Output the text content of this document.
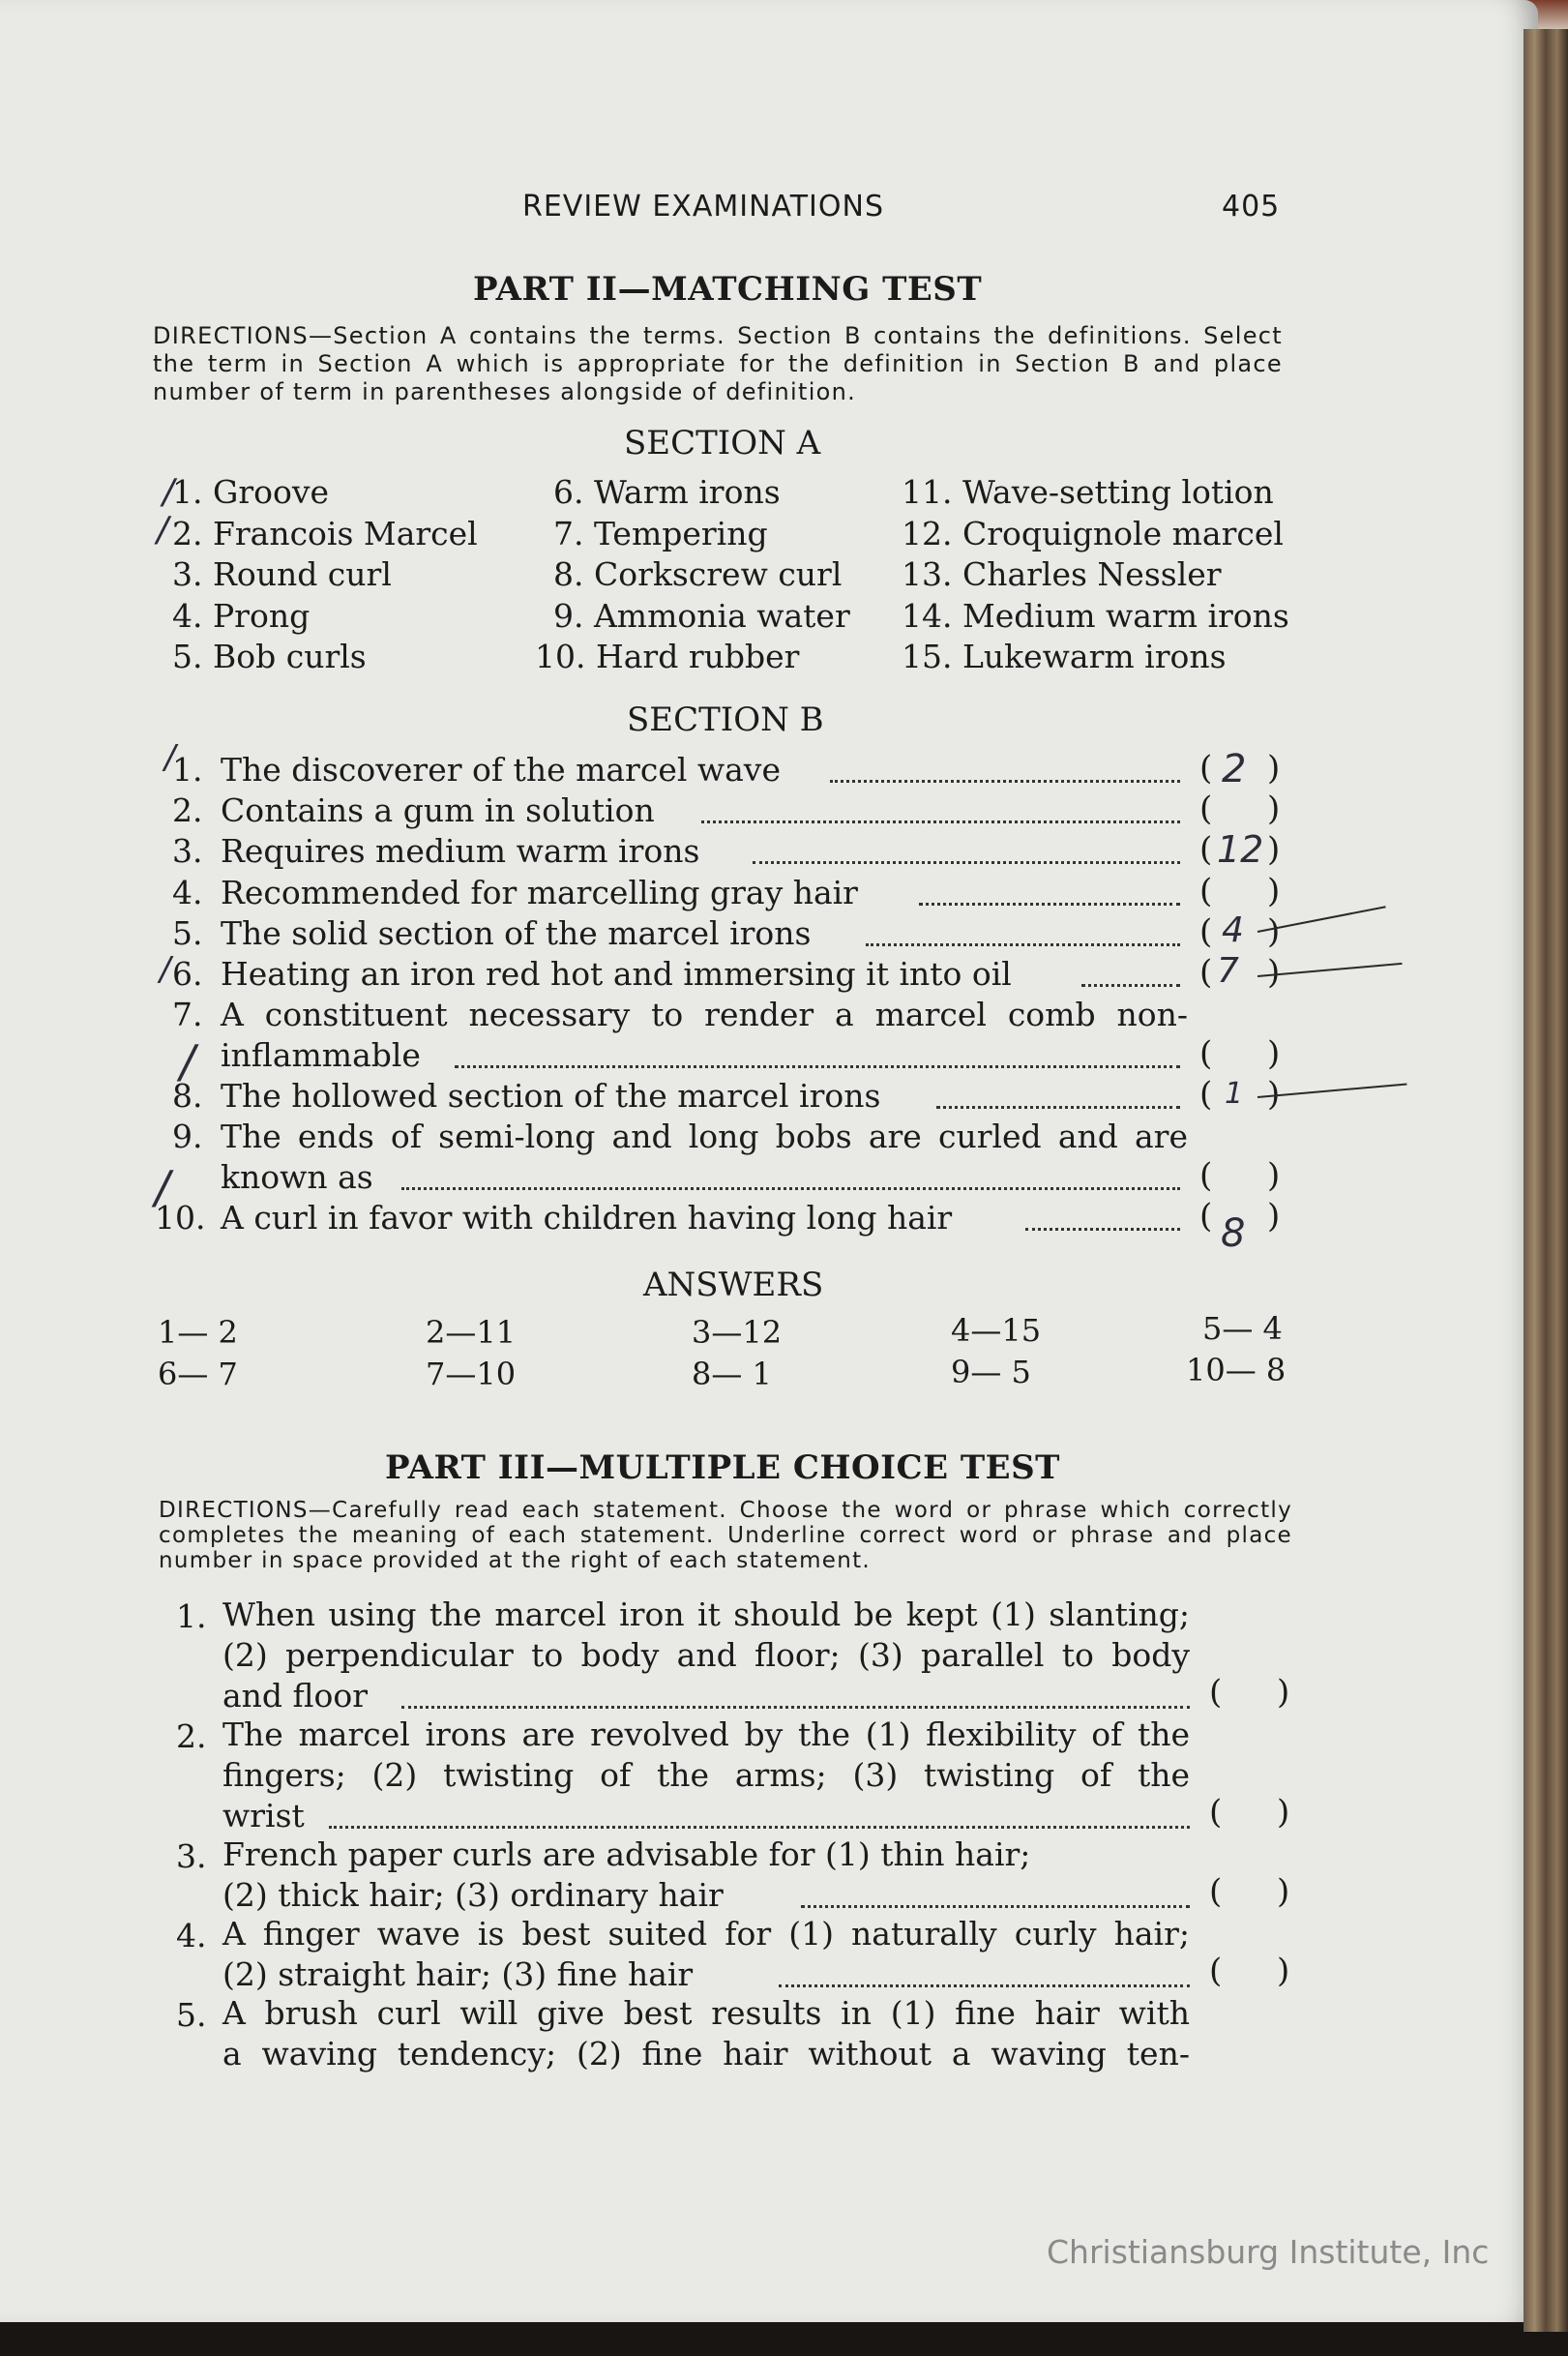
REVIEW EXAMINATIONS	405
PART II—MATCHING TEST
DIRECTIONS—Section A contains the terms. Section B contains the definitions. Select the term in Section A which is appropriate for the definition in Section B and place number of term in parentheses alongside of definition.
SECTION A
1. Groove
2. Francois Marcel
3. Round curl
4. Prong
5. Bob curls
6. Warm irons
7. Tempering
8. Corkscrew curl
9. Ammonia water
10. Hard rubber
11. Wave-setting lotion
12. Croquignole marcel
13. Charles Nessler
14. Medium warm irons
15. Lukewarm irons
SECTION B
1. The discoverer of the marcel wave	( 2 )
2. Contains a gum in solution	( )
3. Requires medium warm irons	( 12 )
4. Recommended for marcelling gray hair	( )
5. The solid section of the marcel irons	( 4 )
6. Heating an iron red hot and immersing it into oil	( 7 )
7. A constituent necessary to render a marcel comb non-
inflammable	( )
8. The hollowed section of the marcel irons	( 1
9. The ends of semi-long and long bobs are curled and are
known as	( )
10. A curl in favor with children having long hair	( 8 )
/
/
/
/
/
/
ANSWERS
1— 2	2—11	3—12	4—15	5— 4
6— 7	7—10	8— 1	9— 5	10— 8
PART III—MULTIPLE CHOICE TEST
DIRECTIONS—Carefully read each statement. Choose the word or phrase which correctly completes the meaning of each statement. Underline correct word or phrase and place number in space provided at the right of each statement.
1. When using the marcel iron it should be kept (1) slanting;
(2) perpendicular to body and floor; (3) parallel to body
and floor	( )
2. The marcel irons are revolved by the (1) flexibility of the
fingers; (2) twisting of the arms; (3) twisting of the
wrist	( )
3. French paper curls are advisable for (1) thin hair;
(2) thick hair; (3) ordinary hair	( )
4. A finger wave is best suited for (1) naturally curly hair;
(2) straight hair; (3) fine hair	( )
5. A brush curl will give best results in (1) fine hair with
a waving tendency; (2) fine hair without a waving ten-
Christiansburg Institute, Inc
